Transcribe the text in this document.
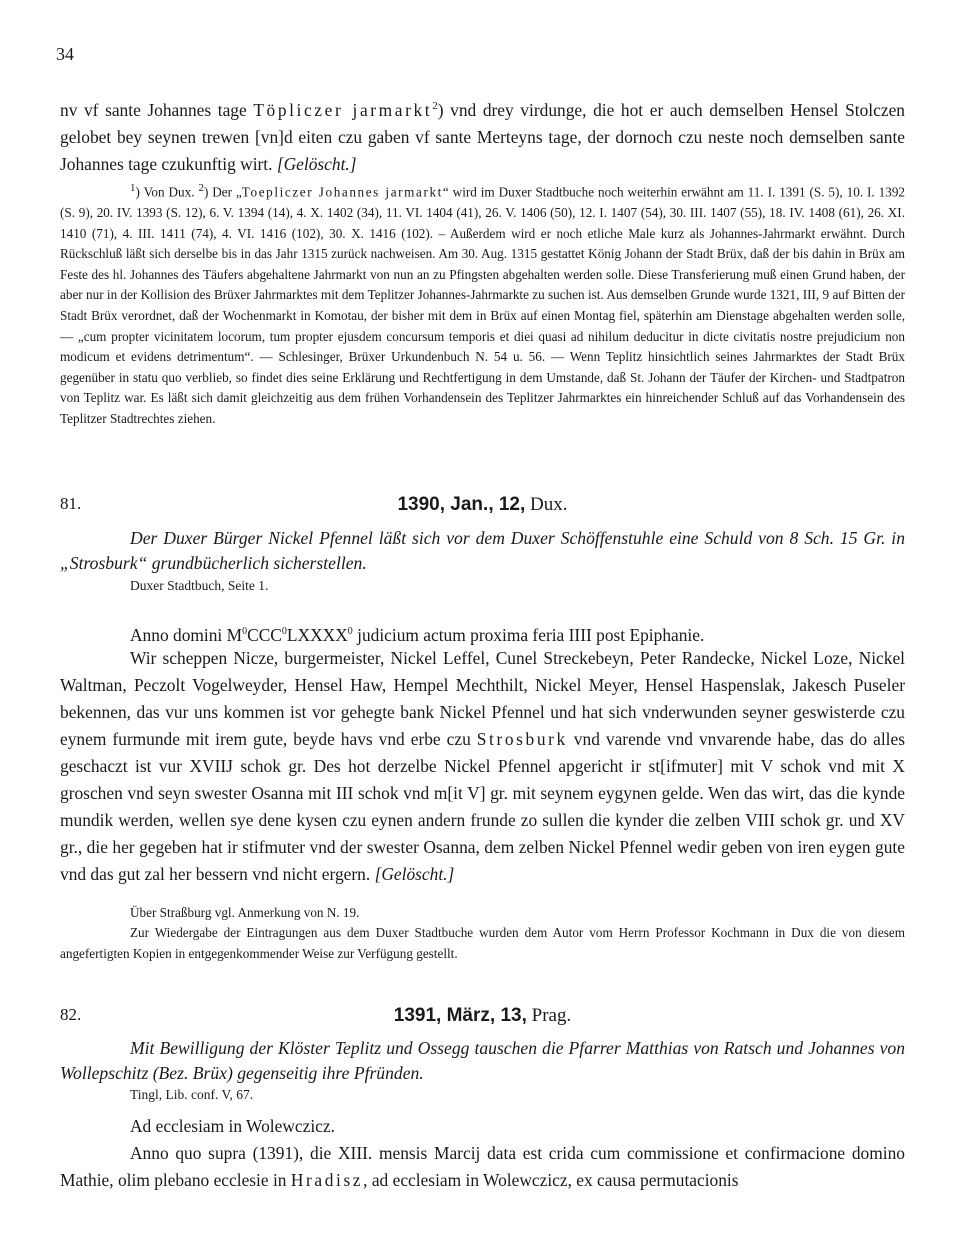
34
nv vf sante Johannes tage Töpliczer jarmarkt$^2$) vnd drey virdunge, die hot er auch demselben Hensel Stolczen gelobet bey seynen trewen [vn]d eiten czu gaben vf sante Merteyns tage, der dornoch czu neste noch demselben sante Johannes tage czukunftig wirt. [Gelöscht.]
$^1$) Von Dux. $^2$) Der „Toepliczer Johannes jarmarkt“ wird im Duxer Stadtbuche noch weiterhin erwähnt am 11. I. 1391 (S. 5), 10. I. 1392 (S. 9), 20. IV. 1393 (S. 12), 6. V. 1394 (14), 4. X. 1402 (34), 11. VI. 1404 (41), 26. V. 1406 (50), 12. I. 1407 (54), 30. III. 1407 (55), 18. IV. 1408 (61), 26. XI. 1410 (71), 4. III. 1411 (74), 4. VI. 1416 (102), 30. X. 1416 (102). – Außerdem wird er noch etliche Male kurz als Johannes-Jahrmarkt erwähnt. Durch Rückschluß läßt sich derselbe bis in das Jahr 1315 zurück nachweisen. Am 30. Aug. 1315 gestattet König Johann der Stadt Brüx, daß der bis dahin in Brüx am Feste des hl. Johannes des Täufers abgehaltene Jahrmarkt von nun an zu Pfingsten abgehalten werden solle. Diese Transferierung muß einen Grund haben, der aber nur in der Kollision des Brüxer Jahrmarktes mit dem Teplitzer Johannes-Jahrmarkte zu suchen ist. Aus demselben Grunde wurde 1321, III, 9 auf Bitten der Stadt Brüx verordnet, daß der Wochenmarkt in Komotau, der bisher mit dem in Brüx auf einen Montag fiel, späterhin am Dienstage abgehalten werden solle, — „cum propter vicinitatem locorum, tum propter ejusdem concursum temporis et diei quasi ad nihilum deducitur in dicte civitatis nostre prejudicium non modicum et evidens detrimentum“. — Schlesinger, Brüxer Urkundenbuch N. 54 u. 56. — Wenn Teplitz hinsichtlich seines Jahrmarktes der Stadt Brüx gegenüber in statu quo verblieb, so findet dies seine Erklärung und Rechtfertigung in dem Umstande, daß St. Johann der Täufer der Kirchen- und Stadtpatron von Teplitz war. Es läßt sich damit gleichzeitig aus dem frühen Vorhandensein des Teplitzer Jahrmarktes ein hinreichender Schluß auf das Vorhandensein des Teplitzer Stadtrechtes ziehen.
81.	1390, Jan., 12, Dux.
Der Duxer Bürger Nickel Pfennel läßt sich vor dem Duxer Schöffenstuhle eine Schuld von 8 Sch. 15 Gr. in „Strosburk“ grundbücherlich sicherstellen.
Duxer Stadtbuch, Seite 1.
Anno domini $M^0CCC^0LXXXX^0$ judicium actum proxima feria IIII post Epiphanie.
Wir scheppen Nicze, burgermeister, Nickel Leffel, Cunel Streckebeyn, Peter Randecke, Nickel Loze, Nickel Waltman, Peczolt Vogelweyder, Hensel Haw, Hempel Mechthilt, Nickel Meyer, Hensel Haspenslak, Jakesch Puseler bekennen, das vur uns kommen ist vor gehegte bank Nickel Pfennel und hat sich vnderwunden seyner geswisterde czu eynem furmunde mit irem gute, beyde havs vnd erbe czu Strosburk vnd varende vnd vnvarende habe, das do alles geschaczt ist vur XVIIJ schok gr. Des hot derzelbe Nickel Pfennel apgericht ir st[ifmuter] mit V schok vnd mit X groschen vnd seyn swester Osanna mit III schok vnd m[it V] gr. mit seynem eygynen gelde. Wen das wirt, das die kynde mundik werden, wellen sye dene kysen czu eynen andern frunde zo sullen die kynder die zelben VIII schok gr. und XV gr., die her gegeben hat ir stifmuter vnd der swester Osanna, dem zelben Nickel Pfennel wedir geben von iren eygen gute vnd das gut zal her bessern vnd nicht ergern. [Gelöscht.]
Über Straßburg vgl. Anmerkung von N. 19.
Zur Wiedergabe der Eintragungen aus dem Duxer Stadtbuche wurden dem Autor vom Herrn Professor Kochmann in Dux die von diesem angefertigten Kopien in entgegenkommender Weise zur Verfügung gestellt.
82.	1391, März, 13, Prag.
Mit Bewilligung der Klöster Teplitz und Ossegg tauschen die Pfarrer Matthias von Ratsch und Johannes von Wollepschitz (Bez. Brüx) gegenseitig ihre Pfründen.
Tingl, Lib. conf. V, 67.
Ad ecclesiam in Wolewczicz.
Anno quo supra (1391), die XIII. mensis Marcij data est crida cum commissione et confirmacione domino Mathie, olim plebano ecclesie in Hradisz, ad ecclesiam in Wolewczicz, ex causa permutacionis
